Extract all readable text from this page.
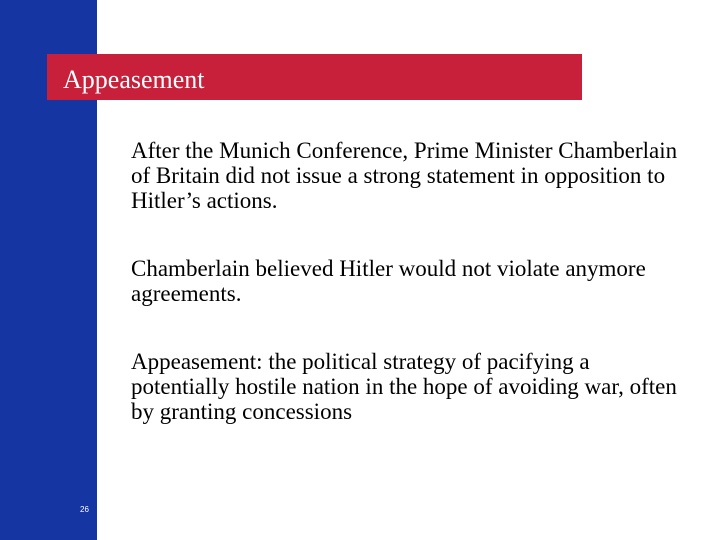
Appeasement
After the Munich Conference, Prime Minister Chamberlain of Britain did not issue a strong statement in opposition to Hitler’s actions.
Chamberlain believed Hitler would not violate anymore agreements.
Appeasement: the political strategy of pacifying a potentially hostile nation in the hope of avoiding war, often by granting concessions
26
